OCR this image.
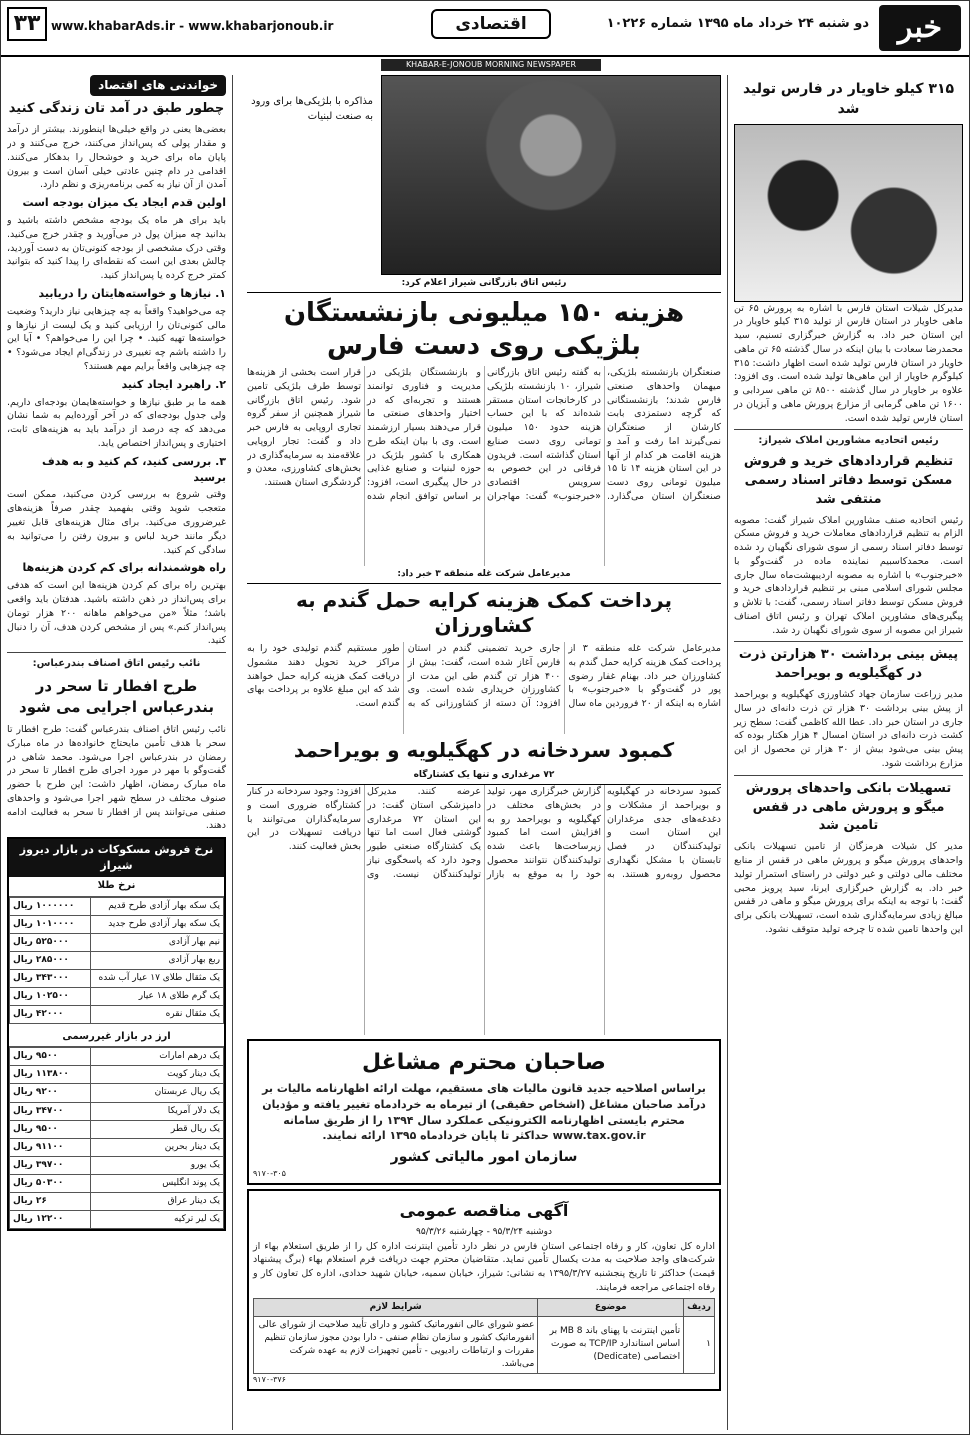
خبر
دو شنبه ۲۴ خرداد ماه ۱۳۹۵ شماره ۱۰۲۲۶
اقتصادی
www.khabarAds.ir - www.khabarjonoub.ir
۳۳
KHABAR-E-JONOUB MORNING NEWSPAPER
۳۱۵ کیلو خاویار در فارس تولید شد

مدیرکل شیلات استان فارس با اشاره به پرورش ۶۵ تن ماهی خاویار در استان فارس از تولید ۳۱۵ کیلو خاویار در این استان خبر داد. به گزارش خبرگزاری تسنیم، سید محمدرضا سعادت با بیان اینکه در سال گذشته ۶۵ تن ماهی خاویار در استان فارس تولید شده است اظهار داشت: ۳۱۵ کیلوگرم خاویار از این ماهی‌ها تولید شده است. وی افزود: علاوه بر خاویار در سال گذشته ۸۵۰۰ تن ماهی سردابی و ۱۶۰۰ تن ماهی گرمابی از مزارع پرورش ماهی و آبزیان در استان فارس تولید شده است.

رئیس اتحادیه مشاورین املاک شیراز:
تنظیم قراردادهای خرید و فروش مسکن توسط دفاتر اسناد رسمی منتفی شد

رئیس اتحادیه صنف مشاورین املاک شیراز گفت: مصوبه الزام به تنظیم قراردادهای معاملات خرید و فروش مسکن توسط دفاتر اسناد رسمی از سوی شورای نگهبان رد شده است. محمدکاسبیم نماینده ماده در گفت‌وگو با «خبرجنوب» با اشاره به مصوبه اردیبهشت‌ماه سال جاری مجلس شورای اسلامی مبنی بر تنظیم قراردادهای خرید و فروش مسکن توسط دفاتر اسناد رسمی، گفت: با تلاش و پیگیری‌های مشاورین املاک تهران و رئیس اتاق اصناف شیراز این مصوبه از سوی شورای نگهبان رد شد.

پیش بینی برداشت ۳۰ هزارتن ذرت در کهگیلویه و بویراحمد

مدیر زراعت سازمان جهاد کشاورزی کهگیلویه و بویراحمد از پیش بینی برداشت ۳۰ هزار تن ذرت دانه‌ای در سال جاری در استان خبر داد. عطا الله کاظمی گفت: سطح زیر کشت ذرت دانه‌ای در استان امسال ۴ هزار هکتار بوده که پیش بینی می‌شود بیش از ۳۰ هزار تن محصول از این مزارع برداشت شود.

تسهیلات بانکی واحدهای پرورش میگو و پرورش ماهی در قفس تامین شد

مدیر کل شیلات هرمزگان از تامین تسهیلات بانکی واحدهای پرورش میگو و پرورش ماهی در قفس از منابع مختلف مالی دولتی و غیر دولتی در راستای استمرار تولید خبر داد. به گزارش خبرگزاری ایرنا، سید پرویز محبی گفت: با توجه به اینکه برای پرورش میگو و ماهی در قفس مبالغ زیادی سرمایه‌گذاری شده است، تسهیلات بانکی برای این واحدها تامین شده تا چرخه تولید متوقف نشود.

مذاکره با بلژیکی‌ها برای ورود به صنعت لبنیات
رئیس اتاق بازرگانی شیراز اعلام کرد:
هزینه ۱۵۰ میلیونی بازنشستگان بلژیکی روی دست فارس

صنعتگران بازنشسته بلژیکی، میهمان واحدهای صنعتی فارس شدند؛ بازنشستگانی که گرچه دستمزدی بابت کارشان از صنعتگران نمی‌گیرند اما رفت و آمد و هزینه اقامت هر کدام از آنها در این استان هزینه ۱۴ تا ۱۵ میلیون تومانی روی دست صنعتگران استان می‌گذارد. به گفته رئیس اتاق بازرگانی شیراز، ۱۰ بازنشسته بلژیکی در کارخانجات استان مستقر شده‌اند که با این حساب هزینه حدود ۱۵۰ میلیون تومانی روی دست صنایع استان گذاشته است. فریدون فرقانی در این خصوص به سرویس اقتصادی «خبرجنوب» گفت: مهاجران و بازنشستگان بلژیکی در مدیریت و فناوری توانمند هستند و تجربه‌ای که در اختیار واحدهای صنعتی ما قرار می‌دهند بسیار ارزشمند است. وی با بیان اینکه طرح همکاری با کشور بلژیک در حوزه لبنیات و صنایع غذایی در حال پیگیری است، افزود: بر اساس توافق انجام شده قرار است بخشی از هزینه‌ها توسط طرف بلژیکی تامین شود. رئیس اتاق بازرگانی شیراز همچنین از سفر گروه تجاری اروپایی به فارس خبر داد و گفت: تجار اروپایی علاقه‌مند به سرمایه‌گذاری در بخش‌های کشاورزی، معدن و گردشگری استان هستند.

مدیرعامل شرکت غله منطقه ۳ خبر داد:
پرداخت کمک هزینه کرایه حمل گندم به کشاورزان

مدیرعامل شرکت غله منطقه ۳ از پرداخت کمک هزینه کرایه حمل گندم به کشاورزان خبر داد. بهنام غفار رضوی پور در گفت‌وگو با «خبرجنوب» با اشاره به اینکه از ۲۰ فروردین ماه سال جاری خرید تضمینی گندم در استان فارس آغاز شده است، گفت: بیش از ۴۰۰ هزار تن گندم طی این مدت از کشاورزان خریداری شده است. وی افزود: آن دسته از کشاورزانی که به طور مستقیم گندم تولیدی خود را به مراکز خرید تحویل دهند مشمول دریافت کمک هزینه کرایه حمل خواهند شد که این مبلغ علاوه بر پرداخت بهای گندم است.

کمبود سردخانه در کهگیلویه و بویراحمد
۷۲ مرغداری و تنها یک کشتارگاه

کمبود سردخانه در کهگیلویه و بویراحمد از مشکلات و دغدغه‌های جدی مرغداران این استان است و تولیدکنندگان در فصل تابستان با مشکل نگهداری محصول روبه‌رو هستند. به گزارش خبرگزاری مهر، تولید در بخش‌های مختلف در کهگیلویه و بویراحمد رو به افزایش است اما کمبود زیرساخت‌ها باعث شده تولیدکنندگان نتوانند محصول خود را به موقع به بازار عرضه کنند. مدیرکل دامپزشکی استان گفت: در این استان ۷۲ مرغداری گوشتی فعال است اما تنها یک کشتارگاه صنعتی طیور وجود دارد که پاسخگوی نیاز تولیدکنندگان نیست. وی افزود: وجود سردخانه در کنار کشتارگاه ضروری است و سرمایه‌گذاران می‌توانند با دریافت تسهیلات در این بخش فعالیت کنند.

صاحبان محترم مشاغل

براساس اصلاحیه جدید قانون مالیات های مستقیم، مهلت ارائه اظهارنامه مالیات بر درآمد صاحبان مشاغل (اشخاص حقیقی) از تیرماه به خردادماه تغییر یافته و مؤدیان محترم بایستی اظهارنامه الکترونیکی عملکرد سال ۱۳۹۴ را از طریق سامانه www.tax.gov.ir حداکثر تا پایان خردادماه ۱۳۹۵ ارائه نمایند.

سازمان امور مالیاتی کشور
۹۱۷۰-۳۰۵
آگهی مناقصه عمومی
دوشنبه ۹۵/۳/۲۴ - چهارشنبه ۹۵/۳/۲۶

اداره کل تعاون، کار و رفاه اجتماعی استان فارس در نظر دارد تأمین اینترنت اداره کل را از طریق استعلام بهاء از شرکت‌های واجد صلاحیت به مدت یکسال تأمین نماید. متقاضیان محترم جهت دریافت فرم استعلام بهاء (برگ پیشنهاد قیمت) حداکثر تا تاریخ پنجشنبه ۱۳۹۵/۳/۲۷ به نشانی: شیراز، خیابان سمیه، خیابان شهید حدادی، اداره کل تعاون کار و رفاه اجتماعی مراجعه فرمایند.

ردیف	موضوع	شرایط لازم
۱	تأمین اینترنت با پهنای باند 8 MB بر اساس استاندارد TCP/IP به صورت اختصاصی (Dedicate)	عضو شورای عالی انفورماتیک کشور و دارای تأیید صلاحیت از شورای عالی انفورماتیک کشور و سازمان نظام صنفی - دارا بودن مجوز سازمان تنظیم مقررات و ارتباطات رادیویی - تأمین تجهیزات لازم به عهده شرکت می‌باشد.
۹۱۷۰-۳۷۶
خواندنی های اقتصاد
چطور طبق در آمد تان زندگی کنید

بعضی‌ها یعنی در واقع خیلی‌ها اینطورند. بیشتر از درآمد و مقدار پولی که پس‌انداز می‌کنند، خرج می‌کنند و در پایان ماه برای خرید و خوشحال را بدهکار می‌کنند. اقدامی در دام چنین عادتی خیلی آسان است و بیرون آمدن از آن نیاز به کمی برنامه‌ریزی و نظم دارد.

اولین قدم ایجاد یک میزان بودجه است

باید برای هر ماه یک بودجه مشخص داشته باشید و بدانید چه میزان پول در می‌آورید و چقدر خرج می‌کنید. وقتی درک مشخصی از بودجه کنونی‌تان به دست آوردید، چالش بعدی این است که نقطه‌ای را پیدا کنید که بتوانید کمتر خرج کرده یا پس‌انداز کنید.

۱. نیازها و خواسته‌هایتان را دریابید

چه می‌خواهید؟ واقعاً به چه چیزهایی نیاز دارید؟ وضعیت مالی کنونی‌تان را ارزیابی کنید و یک لیست از نیازها و خواسته‌ها تهیه کنید. • چرا این را می‌خواهم؟ • آیا این را داشته باشم چه تغییری در زندگی‌ام ایجاد می‌شود؟ • چه چیزهایی واقعاً برایم مهم هستند؟

۲. راهبرد ایجاد کنید

همه ما بر طبق نیازها و خواسته‌هایمان بودجه‌ای داریم. ولی جدول بودجه‌ای که در آخر آورده‌ایم به شما نشان می‌دهد که چه درصد از درآمد باید به هزینه‌های ثابت، اختیاری و پس‌انداز اختصاص یابد.

۳. بررسی کنید، کم کنید و به هدف برسید

وقتی شروع به بررسی کردن می‌کنید، ممکن است متعجب شوید وقتی بفهمید چقدر صرفاً هزینه‌های غیرضروری می‌کنید. برای مثال هزینه‌های قابل تغییر دیگر مانند خرید لباس و بیرون رفتن را می‌توانید به سادگی کم کنید.

راه هوشمندانه برای کم کردن هزینه‌ها

بهترین راه برای کم کردن هزینه‌ها این است که هدفی برای پس‌انداز در ذهن داشته باشید. هدفتان باید واقعی باشد؛ مثلاً «من می‌خواهم ماهانه ۲۰۰ هزار تومان پس‌انداز کنم.» پس از مشخص کردن هدف، آن را دنبال کنید.

نائب رئیس اتاق اصناف بندرعباس:
طرح افطار تا سحر در بندرعباس اجرایی می شود

نائب رئیس اتاق اصناف بندرعباس گفت: طرح افطار تا سحر با هدف تأمین مایحتاج خانواده‌ها در ماه مبارک رمضان در بندرعباس اجرا می‌شود. محمد شاهی در گفت‌وگو با مهر در مورد اجرای طرح افطار تا سحر در ماه مبارک رمضان، اظهار داشت: این طرح با حضور صنوف مختلف در سطح شهر اجرا می‌شود و واحدهای صنفی می‌توانند پس از افطار تا سحر به فعالیت ادامه دهند.

نرخ فروش مسکوکات در بازار دیروز شیراز
نرخ طلا
یک سکه بهار آزادی طرح قدیم	۱۰۰۰۰۰۰ ریال
یک سکه بهار آزادی طرح جدید	۱۰۱۰۰۰۰ ریال
نیم بهار آزادی	۵۲۵۰۰۰ ریال
ربع بهار آزادی	۲۸۵۰۰۰ ریال
یک مثقال طلای ۱۷ عیار آب شده	۳۴۳۰۰۰ ریال
یک گرم طلای ۱۸ عیار	۱۰۲۵۰۰ ریال
یک مثقال نقره	۴۲۰۰۰ ریال
ارز در بازار غیررسمی
یک درهم امارات	۹۵۰۰ ریال
یک دینار کویت	۱۱۳۸۰۰ ریال
یک ریال عربستان	۹۲۰۰ ریال
یک دلار آمریکا	۳۴۷۰۰ ریال
یک ریال قطر	۹۵۰۰ ریال
یک دینار بحرین	۹۱۱۰۰ ریال
یک یورو	۳۹۷۰۰ ریال
یک پوند انگلیس	۵۰۳۰۰ ریال
یک دینار عراق	۲۶ ریال
یک لیر ترکیه	۱۲۲۰۰ ریال
